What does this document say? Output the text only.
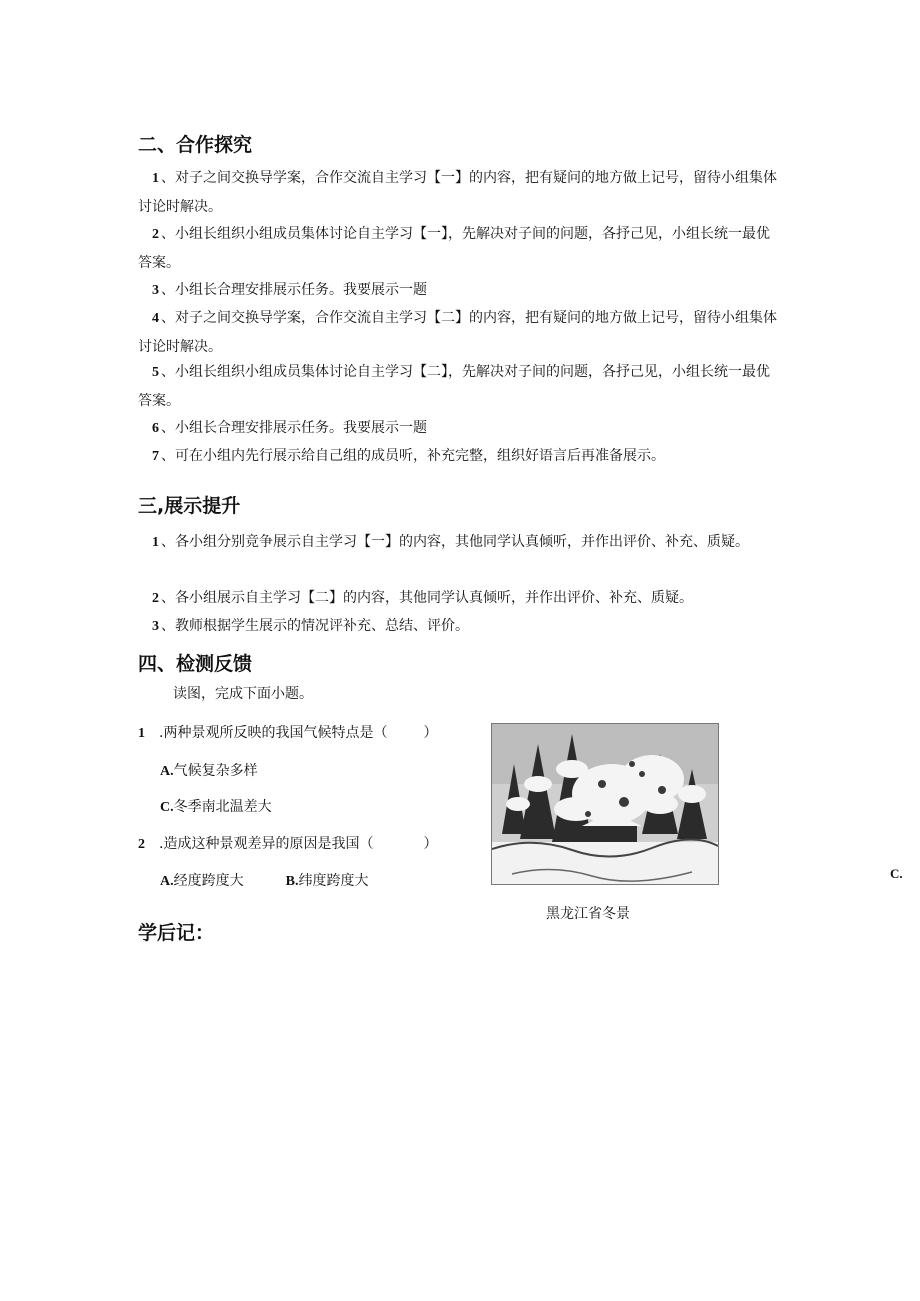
二、合作探究

1 、对子之间交换导学案，合作交流自主学习【一】的内容，把有疑问的地方做上记号，留待小组集体讨论时解决。

2 、小组长组织小组成员集体讨论自主学习【一】，先解决对子间的问题，各抒己见，小组长统一最优答案。

3 、小组长合理安排展示任务。我要展示一题

4 、对子之间交换导学案，合作交流自主学习【二】的内容，把有疑问的地方做上记号，留待小组集体讨论时解决。

5 、小组长组织小组成员集体讨论自主学习【二】，先解决对子间的问题，各抒己见，小组长统一最优答案。

6 、小组长合理安排展示任务。我要展示一题

7 、可在小组内先行展示给自己组的成员听，补充完整，组织好语言后再准备展示。

三,展示提升

1 、各小组分别竞争展示自主学习【一】的内容，其他同学认真倾听，并作出评价、补充、质疑。

2 、各小组展示自主学习【二】的内容，其他同学认真倾听，并作出评价、补充、质疑。

3 、教师根据学生展示的情况评补充、总结、评价。

四、检测反馈

读图，完成下面小题。

1 .两种景观所反映的我国气候特点是（	）

A.气候复杂多样

C.冬季南北温差大

2 .造成这种景观差异的原因是我国（	）

A.经度跨度大	B.纬度跨度大

黑龙江省冬景
C.
学后记：
